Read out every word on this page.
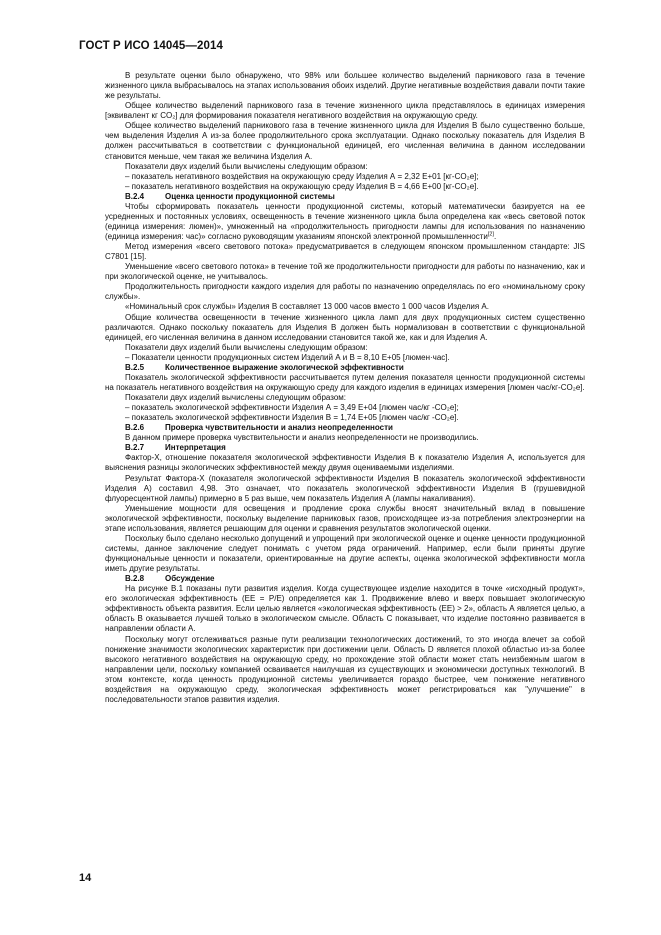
ГОСТ Р ИСО 14045—2014

В результате оценки было обнаружено, что 98% или большее количество выделений парникового газа в течение жизненного цикла выбрасывалось на этапах использования обоих изделий. Другие негативные воздействия давали почти такие же результаты.

Общее количество выделений парникового газа в течение жизненного цикла представлялось в единицах измерения [эквивалент кг CO₂] для формирования показателя негативного воздействия на окружающую среду.

Общее количество выделений парникового газа в течение жизненного цикла для Изделия В было существенно больше, чем выделения Изделия А из-за более продолжительного срока эксплуатации. Однако поскольку показатель для Изделия В должен рассчитываться в соответствии с функциональной единицей, его численная величина в данном исследовании становится меньше, чем такая же величина Изделия А.

Показатели двух изделий были вычислены следующим образом:

– показатель негативного воздействия на окружающую среду Изделия А = 2,32 Е+01 [кг-CO₂e];

– показатель негативного воздействия на окружающую среду Изделия В = 4,66 Е+00 [кг-CO₂e].

В.2.4	Оценка ценности продукционной системы

Чтобы сформировать показатель ценности продукционной системы, который математически базируется на ее усредненных и постоянных условиях, освещенность в течение жизненного цикла была определена как «весь световой поток (единица измерения: люмен)», умноженный на «продолжительность пригодности лампы для использования по назначению (единица измерения: час)» согласно руководящим указаниям японской электронной промышленности[2].

Метод измерения «всего светового потока» предусматривается в следующем японском промышленном стандарте: JIS C7801 [15].

Уменьшение «всего светового потока» в течение той же продолжительности пригодности для работы по назначению, как и при экологической оценке, не учитывалось.

Продолжительность пригодности каждого изделия для работы по назначению определялась по его «номинальному сроку службы».

«Номинальный срок службы» Изделия В составляет 13 000 часов вместо 1 000 часов Изделия А.

Общие количества освещенности в течение жизненного цикла ламп для двух продукционных систем существенно различаются. Однако поскольку показатель для Изделия В должен быть нормализован в соответствии с функциональной единицей, его численная величина в данном исследовании становится такой же, как и для Изделия А.

Показатели двух изделий были вычислены следующим образом:

– Показатели ценности продукционных систем Изделий А и В = 8,10 Е+05 [люмен·час].

В.2.5	Количественное выражение экологической эффективности

Показатель экологической эффективности рассчитывается путем деления показателя ценности продукционной системы на показатель негативного воздействия на окружающую среду для каждого изделия в единицах измерения [люмен час/кг-CO₂e].

Показатели двух изделий вычислены следующим образом:

– показатель экологической эффективности Изделия А = 3,49 Е+04 [люмен час/кг -CO₂e];

– показатель экологической эффективности Изделия В = 1,74 Е+05 [люмен час/кг -CO₂e].

В.2.6	Проверка чувствительности и анализ неопределенности

В данном примере проверка чувствительности и анализ неопределенности не производились.

В.2.7	Интерпретация

Фактор-Х, отношение показателя экологической эффективности Изделия В к показателю Изделия А, используется для выяснения разницы экологических эффективностей между двумя оцениваемыми изделиями.

Результат Фактора-Х (показателя экологической эффективности Изделия В показатель экологической эффективности Изделия А) составил 4,98. Это означает, что показатель экологической эффективности Изделия В (грушевидной флуоресцентной лампы) примерно в 5 раз выше, чем показатель Изделия А (лампы накаливания).

Уменьшение мощности для освещения и продление срока службы вносят значительный вклад в повышение экологической эффективности, поскольку выделение парниковых газов, происходящее из-за потребления электроэнергии на этапе использования, является решающим для оценки и сравнения результатов экологической оценки.

Поскольку было сделано несколько допущений и упрощений при экологической оценке и оценке ценности продукционной системы, данное заключение следует понимать с учетом ряда ограничений. Например, если были приняты другие функциональные ценности и показатели, ориентированные на другие аспекты, оценка экологической эффективности могла иметь другие результаты.

В.2.8	Обсуждение

На рисунке В.1 показаны пути развития изделия. Когда существующее изделие находится в точке «исходный продукт», его экологическая эффективность (EE = P/E) определяется как 1. Продвижение влево и вверх повышает экологическую эффективность объекта развития. Если целью является «экологическая эффективность (EE) > 2», область А является целью, а область В оказывается лучшей только в экологическом смысле. Область С показывает, что изделие постоянно развивается в направлении области А.

Поскольку могут отслеживаться разные пути реализации технологических достижений, то это иногда влечет за собой понижение значимости экологических характеристик при достижении цели. Область D является плохой областью из-за более высокого негативного воздействия на окружающую среду, но прохождение этой области может стать неизбежным шагом в направлении цели, поскольку компанией осваивается наилучшая из существующих и экономически доступных технологий. В этом контексте, когда ценность продукционной системы увеличивается гораздо быстрее, чем понижение негативного воздействия на окружающую среду, экологическая эффективность может регистрироваться как "улучшение" в последовательности этапов развития изделия.

14
